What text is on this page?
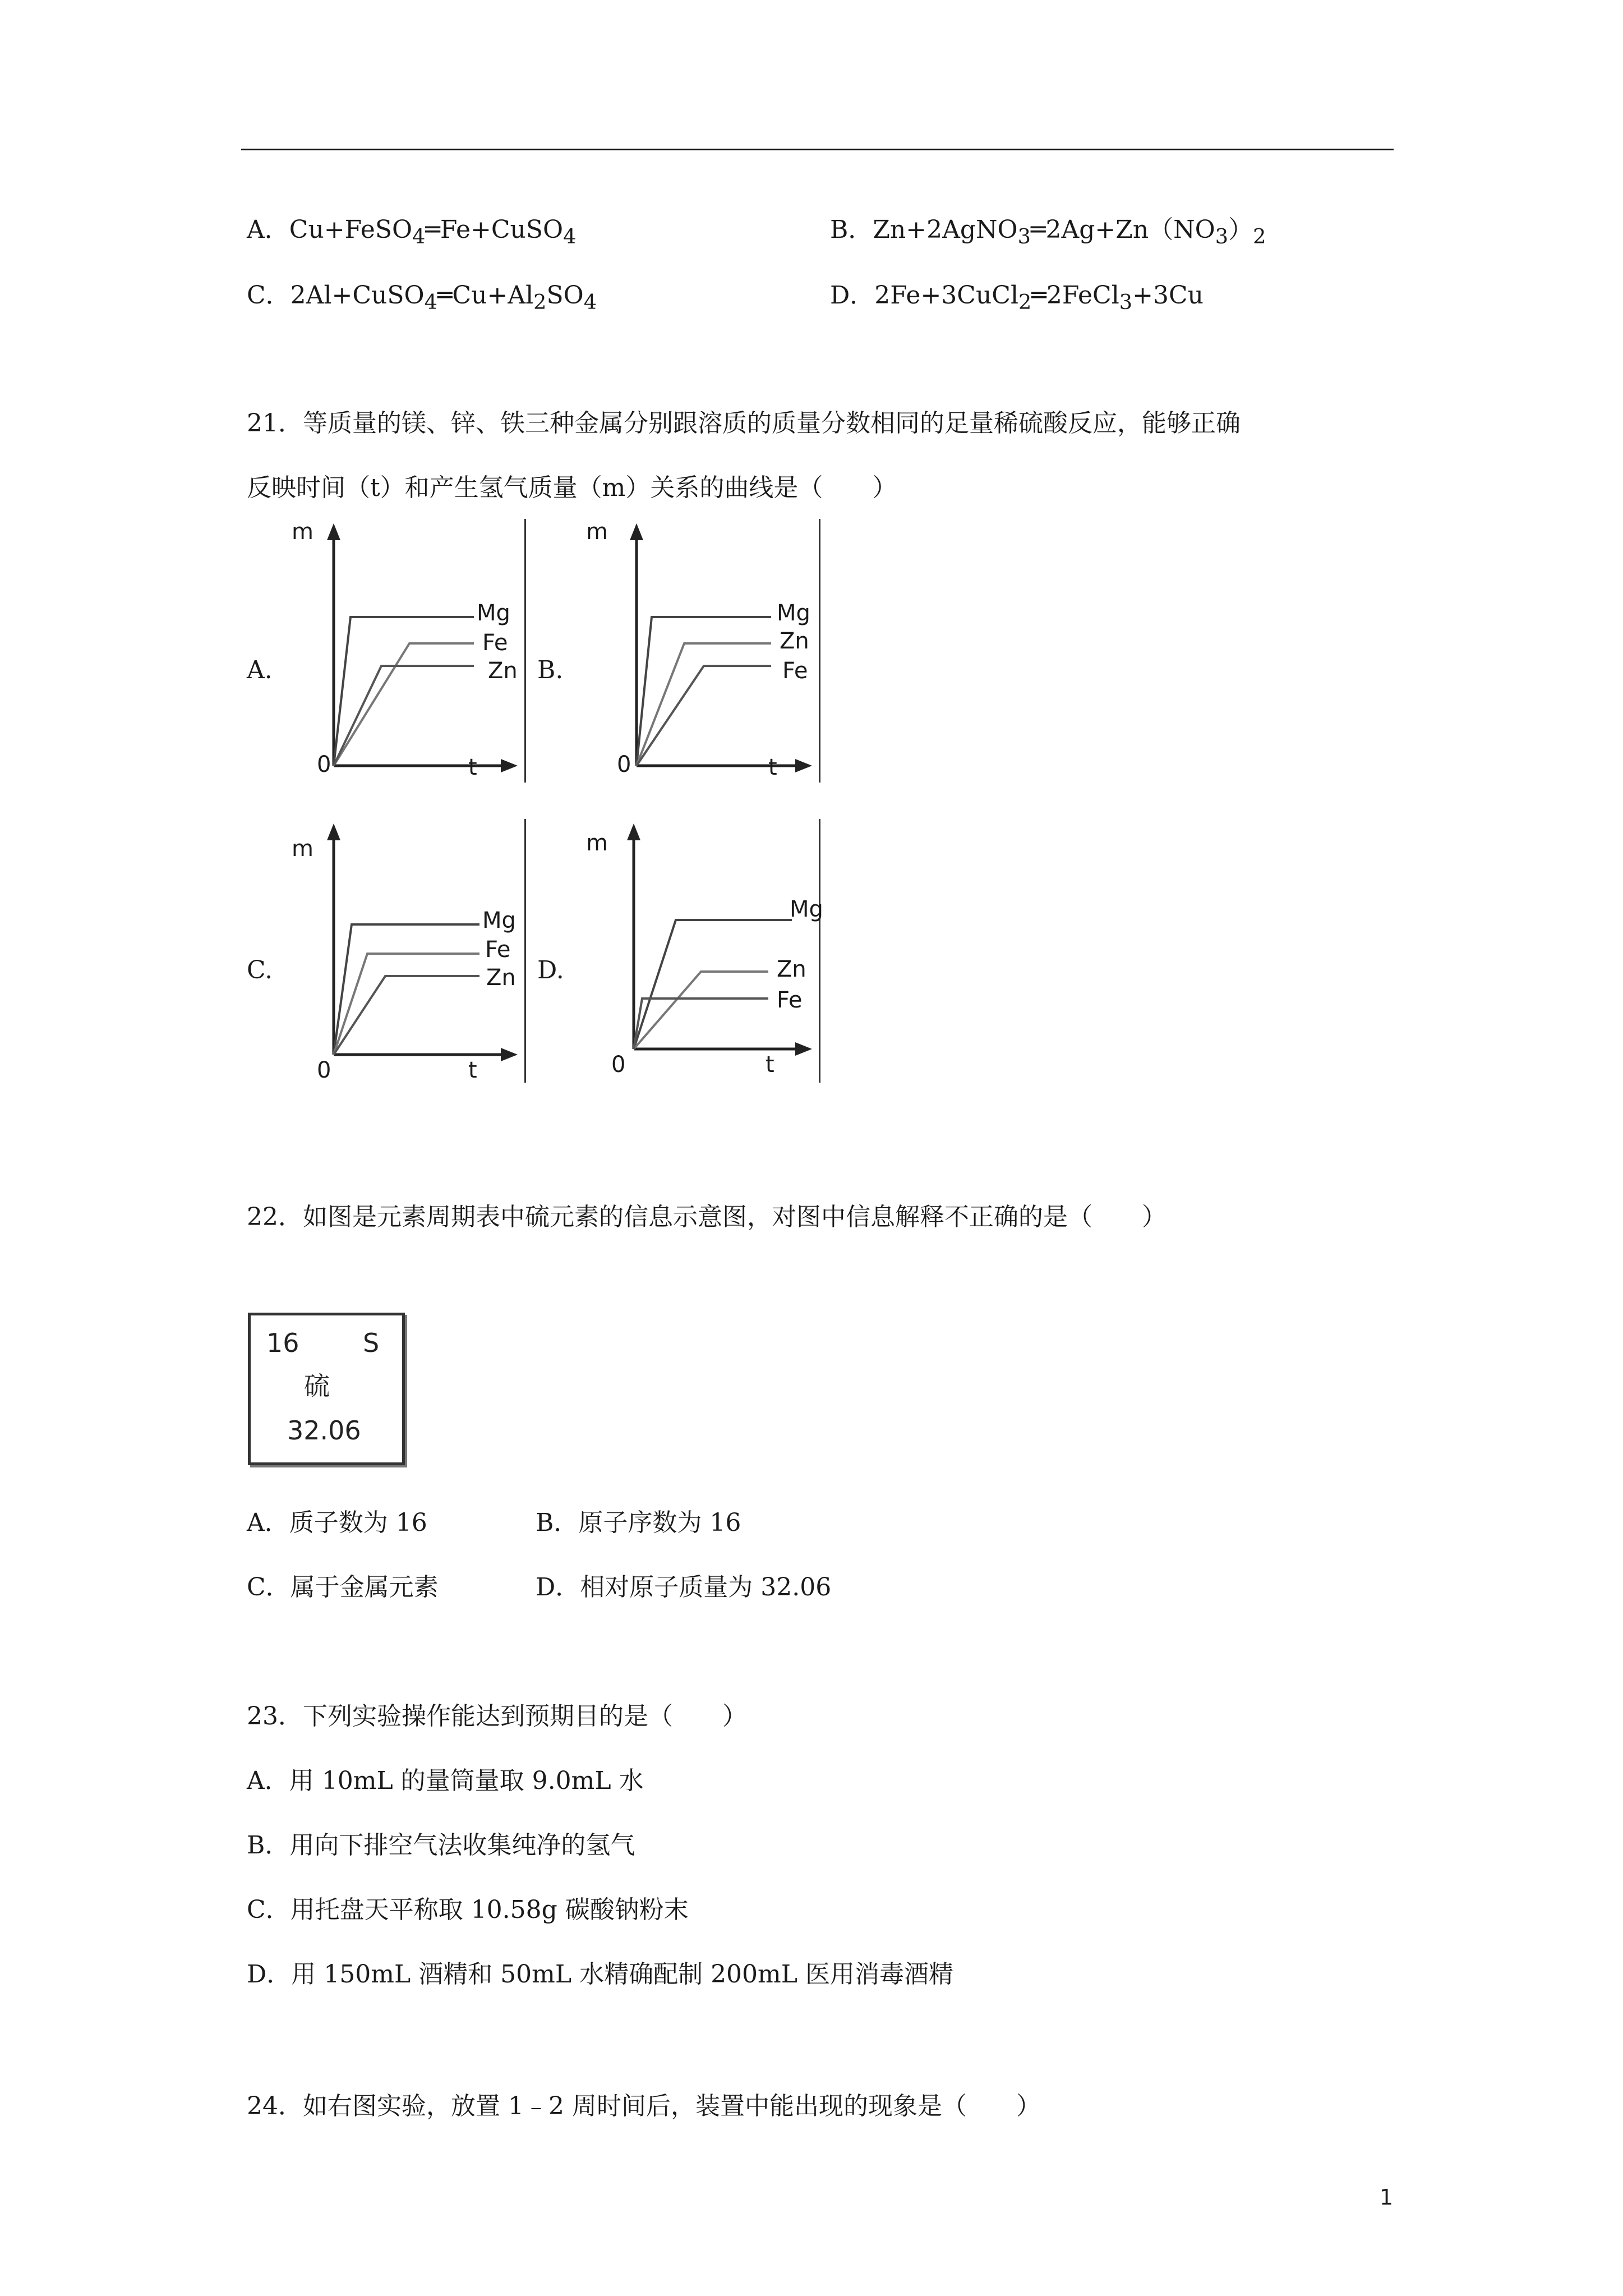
A．Cu+FeSO$_4$═Fe+CuSO$_4$	B．$Zn+2AgNO_3═2Ag+Zn(NO_3)_2$
C．$2Al+CuSO_4═Cu+Al_2SO_4$	D．2Fe+3CuCl$_2$═2FeCl$_3$+3Cu
21．等质量的镁、锌、铁三种金属分别跟溶质的质量分数相同的足量稀硫酸反应，能够正确
反映时间（t）和产生氢气质量（m）关系的曲线是（　　）
A.
m
0	t
Mg
Fe
Zn B.
m
0	t
Mg
Zn
Fe
C.
m
0	t
Mg
Fe
Zn D.
m
0	t
Mg
Zn
Fe
22．如图是元素周期表中硫元素的信息示意图，对图中信息解释不正确的是（　　）
16 S
硫
32.06
A．质子数为 16	B．原子序数为 16
C．属于金属元素	D．相对原子质量为 32.06
23．下列实验操作能达到预期目的是（　　）
A．用 10mL 的量筒量取 9.0mL 水
B．用向下排空气法收集纯净的氢气
C．用托盘天平称取 10.58g 碳酸钠粉末
D．用 150mL 酒精和 50mL 水精确配制 200mL 医用消毒酒精
24．如右图实验，放置 1﹣2 周时间后，装置中能出现的现象是（　　）
1
